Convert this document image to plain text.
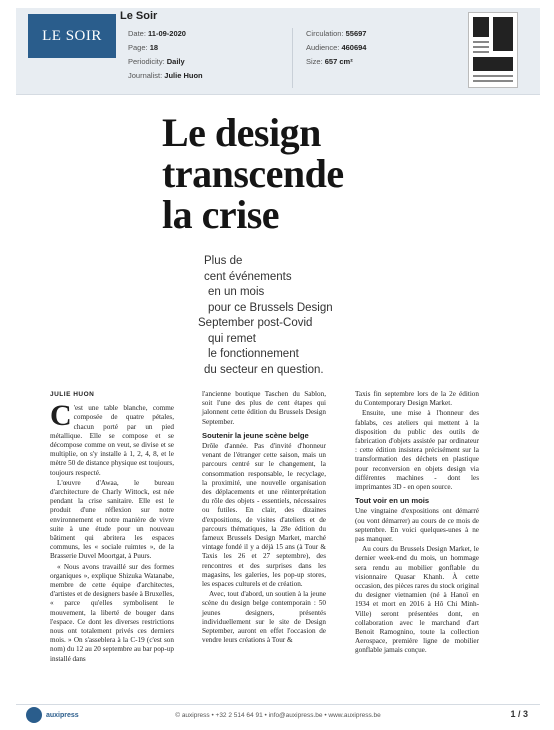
LE SOIR
Le Soir
Date: 11-09-2020
Page: 18
Periodicity: Daily
Journalist: Julie Huon
Circulation: 55697
Audience: 460694
Size: 657 cm²
Le design
transcende
la crise
Plus de
cent événements
en un mois
pour ce Brussels Design
September post-Covid
qui remet
le fonctionnement
du secteur en question.
JULIE HUON

C 'est une table blanche, comme composée de quatre pétales, chacun porté par un pied métallique. Elle se compose et se décompose comme on veut, se divise et se multiplie, on s'y installe à 1, 2, 4, 8, et le mètre 50 de distance physique est toujours, toujours respecté.

L'œuvre d'Awaa, le bureau d'architecture de Charly Wittock, est née pendant la crise sanitaire. Elle est le produit d'une réflexion sur notre environnement et notre manière de vivre suite à une étude pour un nouveau bâtiment qui abritera les espaces communs, les « sociale ruimtes », de la Brasserie Duvel Moortgat, à Puurs.

« Nous avons travaillé sur des formes organiques », explique Shizuka Watanabe, membre de cette équipe d'architectes, d'artistes et de designers basée à Bruxelles, « parce qu'elles symbolisent le mouvement, la liberté de bouger dans l'espace. Ce dont les diverses restrictions nous ont totalement privés ces derniers mois. » On s'asseblera à la C-19 (c'est son nom) du 12 au 20 septembre au bar pop-up installé dans

l'ancienne boutique Taschen du Sablon, soit l'une des plus de cent étapes qui jalonnent cette édition du Brussels Design September.

Soutenir la jeune scène belge

Drôle d'année. Pas d'invité d'honneur venant de l'étranger cette saison, mais un parcours centré sur le changement, la consommation responsable, le recyclage, la proximité, une nouvelle organisation des déplacements et une réinterprétation du rôle des objets - essentiels, nécessaires ou futiles. En clair, des dizaines d'expositions, de visites d'ateliers et de parcours thématiques, la 28e édition du fameux Brussels Design Market, marché vintage fondé il y a déjà 15 ans (à Tour & Taxis les 26 et 27 septembre), des rencontres et des surprises dans les magasins, les galeries, les pop-up stores, les espaces culturels et de création.

Avec, tout d'abord, un soutien à la jeune scène du design belge contemporain : 50 jeunes designers, présentés individuellement sur le site de Design September, auront en effet l'occasion de vendre leurs créations à Tour &

Taxis fin septembre lors de la 2e édition du Contemporary Design Market.

Ensuite, une mise à l'honneur des fablabs, ces ateliers qui mettent à la disposition du public des outils de fabrication d'objets assistée par ordinateur : cette édition insistera précisément sur la transformation des déchets en plastique pour reconversion en objets design via différentes machines - dont les imprimantes 3D - en open source.

Tout voir en un mois

Une vingtaine d'expositions ont démarré (ou vont démarrer) au cours de ce mois de septembre. En voici quelques-unes à ne pas manquer.

Au cours du Brussels Design Market, le dernier week-end du mois, un hommage sera rendu au mobilier gonflable du visionnaire Quasar Khanh. À cette occasion, des pièces rares du stock original du designer vietnamien (né à Hanoï en 1934 et mort en 2016 à Hô Chi Minh-Ville) seront présentées dont, en collaboration avec le marchand d'art Benoit Ramognino, toute la collection Aerospace, première ligne de mobilier gonflable jamais conçue.

auxipress	© auxipress • +32 2 514 64 91 • info@auxipress.be • www.auxipress.be	1 / 3
